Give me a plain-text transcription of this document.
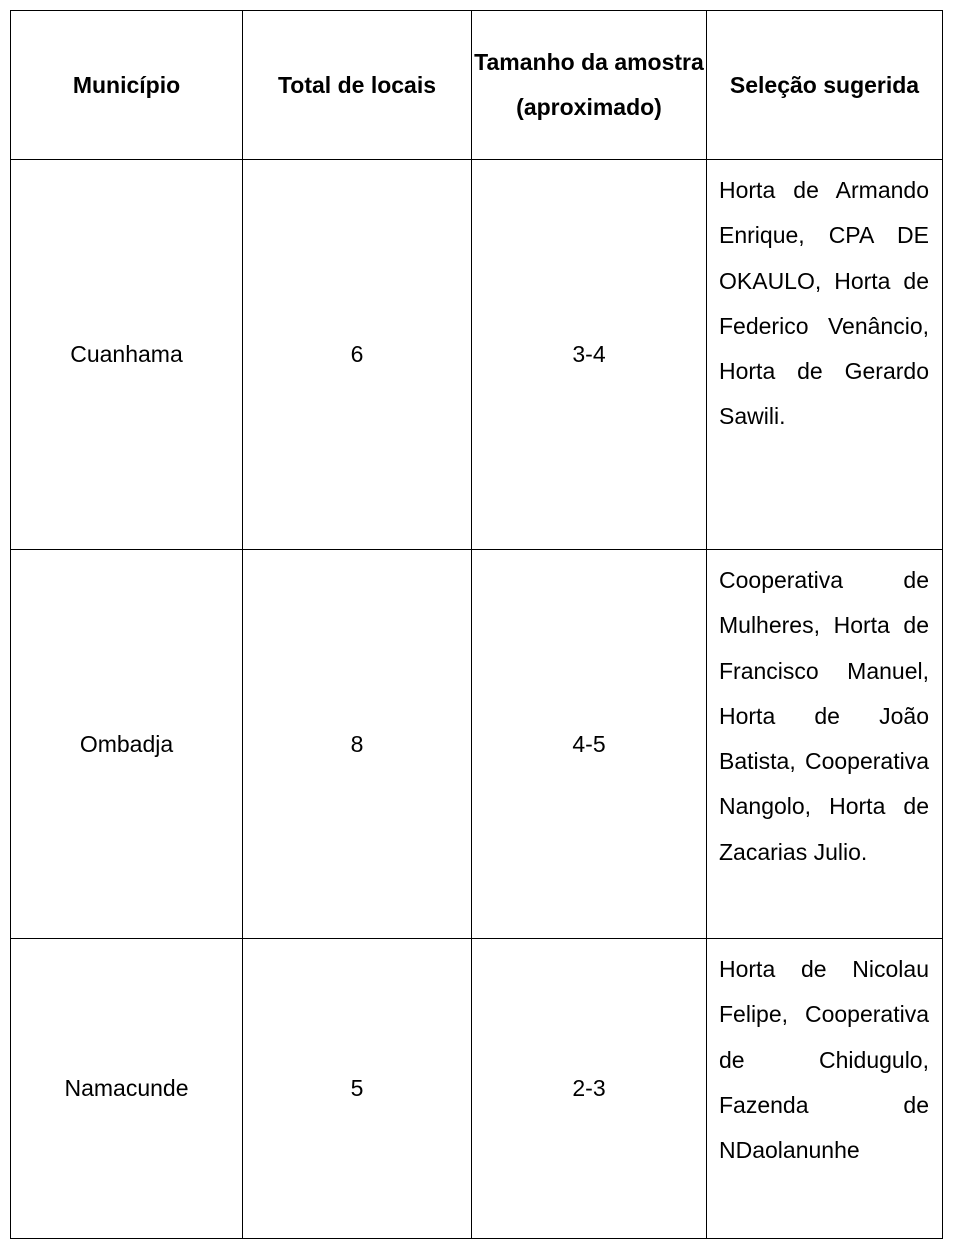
Município	Total de locais	Tamanho da amostra (aproximado)	Seleção sugerida
Cuanhama	6	3-4	Horta de Armando Enrique, CPA DE OKAULO, Horta de Federico Venâncio, Horta de Gerardo Sawili.
Ombadja	8	4-5	Cooperativa de Mulheres, Horta de Francisco Manuel, Horta de João Batista, Cooperativa Nangolo, Horta de Zacarias Julio.
Namacunde	5	2-3	Horta de Nicolau Felipe, Cooperativa de Chidugulo, Fazenda de NDaolanunhe
